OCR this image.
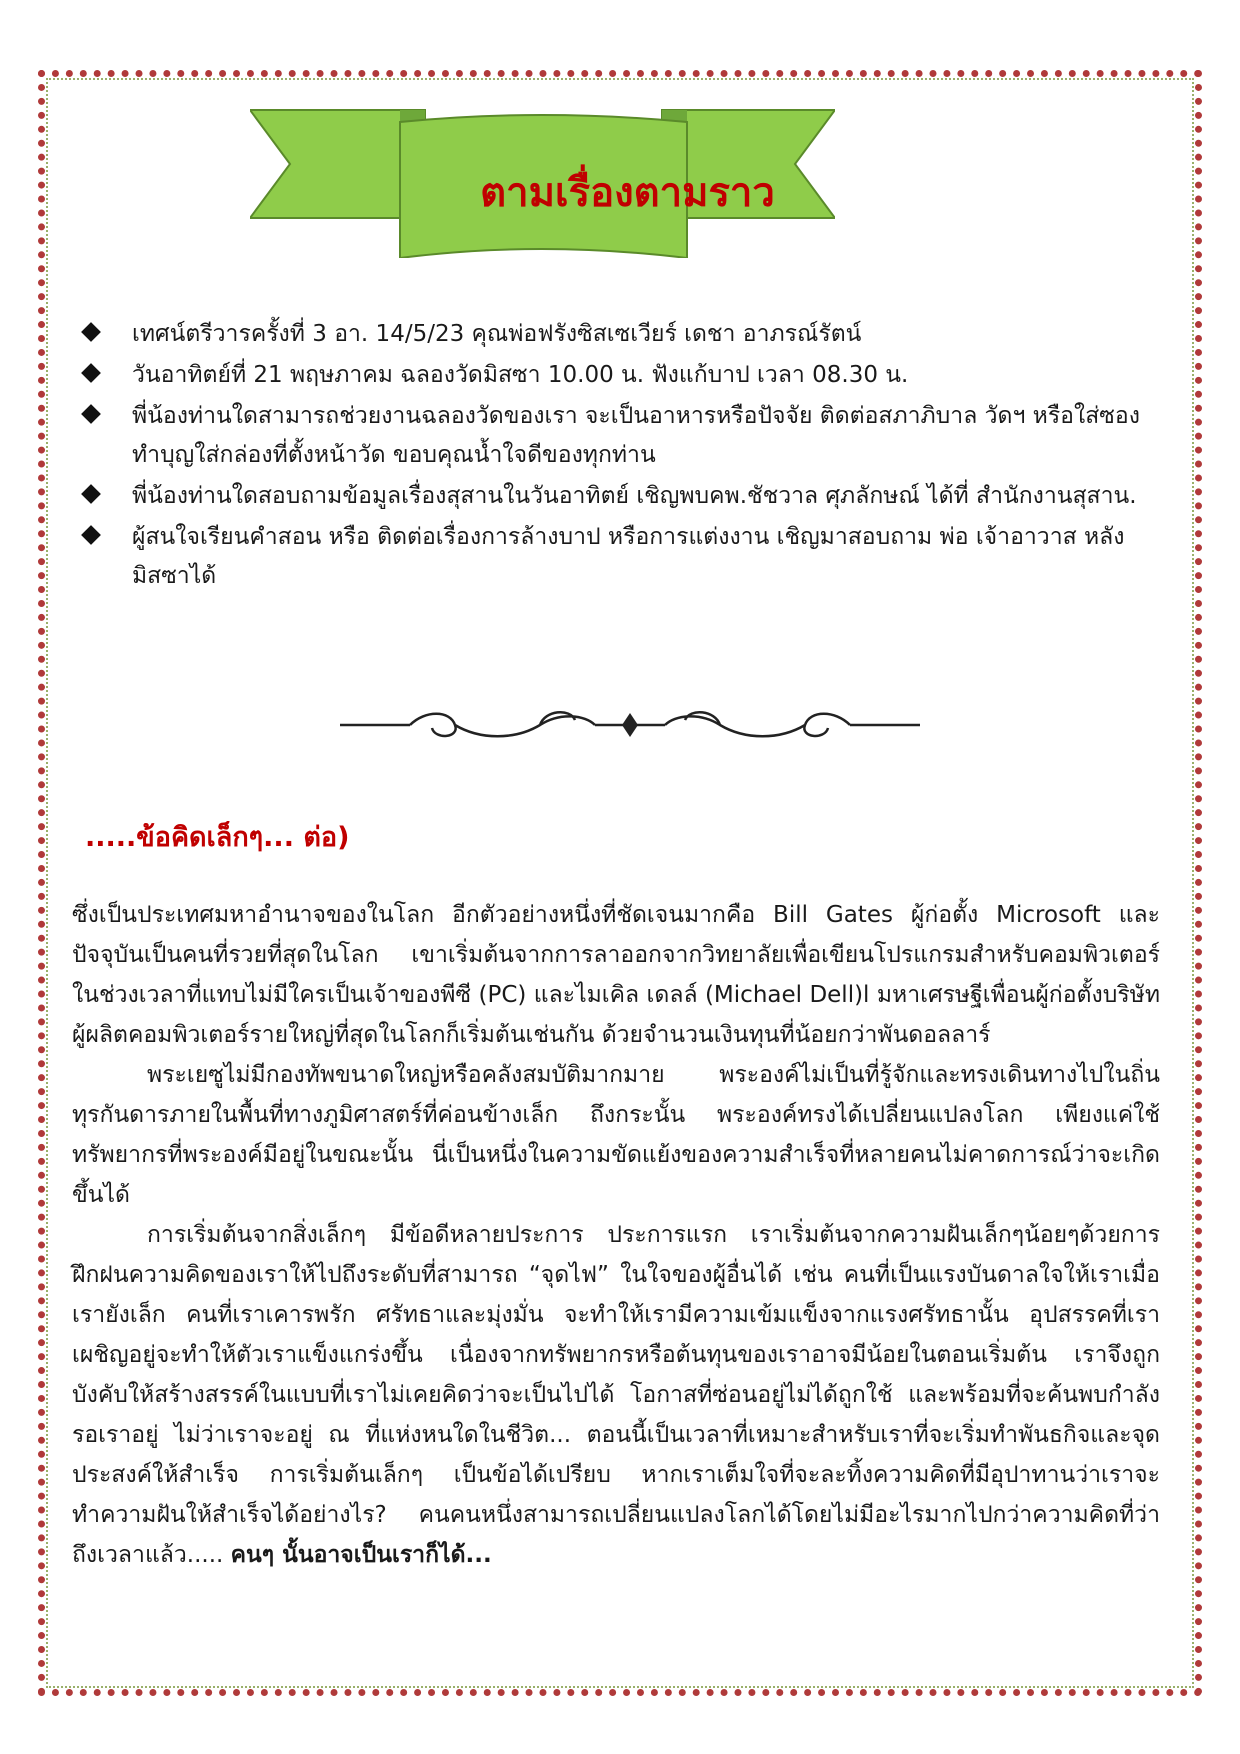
ตามเรื่องตามราว
เทศน์ตรีวารครั้งที่ 3 อา. 14/5/23 คุณพ่อฟรังซิสเซเวียร์ เดชา อาภรณ์รัตน์
วันอาทิตย์ที่ 21 พฤษภาคม ฉลองวัดมิสซา 10.00 น. ฟังแก้บาป เวลา 08.30 น.
พี่น้องท่านใดสามารถช่วยงานฉลองวัดของเรา จะเป็นอาหารหรือปัจจัย ติดต่อสภาภิบาล วัดฯ หรือใส่ซองทำบุญใส่กล่องที่ตั้งหน้าวัด ขอบคุณน้ำใจดีของทุกท่าน
พี่น้องท่านใดสอบถามข้อมูลเรื่องสุสานในวันอาทิตย์ เชิญพบคพ.ชัชวาล ศุภลักษณ์ ได้ที่ สำนักงานสุสาน.
ผู้สนใจเรียนคำสอน หรือ ติดต่อเรื่องการล้างบาป หรือการแต่งงาน เชิญมาสอบถาม พ่อ เจ้าอาวาส หลังมิสซาได้
.....ข้อคิดเล็กๆ... ต่อ)

ซึ่งเป็นประเทศมหาอำนาจของในโลก อีกตัวอย่างหนึ่งที่ชัดเจนมากคือ Bill Gates ผู้ก่อตั้ง Microsoft และปัจจุบันเป็นคนที่รวยที่สุดในโลก เขาเริ่มต้นจากการลาออกจากวิทยาลัยเพื่อเขียนโปรแกรมสำหรับคอมพิวเตอร์ในช่วงเวลาที่แทบไม่มีใครเป็นเจ้าของพีซี (PC) และไมเคิล เดลล์ (Michael Dell)l มหาเศรษฐีเพื่อนผู้ก่อตั้งบริษัทผู้ผลิตคอมพิวเตอร์รายใหญ่ที่สุดในโลกก็เริ่มต้นเช่นกัน ด้วยจำนวนเงินทุนที่น้อยกว่าพันดอลลาร์

พระเยซูไม่มีกองทัพขนาดใหญ่หรือคลังสมบัติมากมาย พระองค์ไม่เป็นที่รู้จักและทรงเดินทางไปในถิ่นทุรกันดารภายในพื้นที่ทางภูมิศาสตร์ที่ค่อนข้างเล็ก ถึงกระนั้น พระองค์ทรงได้เปลี่ยนแปลงโลก เพียงแค่ใช้ทรัพยากรที่พระองค์มีอยู่ในขณะนั้น นี่เป็นหนึ่งในความขัดแย้งของความสำเร็จที่หลายคนไม่คาดการณ์ว่าจะเกิดขึ้นได้

การเริ่มต้นจากสิ่งเล็กๆ มีข้อดีหลายประการ ประการแรก เราเริ่มต้นจากความฝันเล็กๆน้อยๆด้วยการฝึกฝนความคิดของเราให้ไปถึงระดับที่สามารถ “จุดไฟ” ในใจของผู้อื่นได้ เช่น คนที่เป็นแรงบันดาลใจให้เราเมื่อเรายังเล็ก คนที่เราเคารพรัก ศรัทธาและมุ่งมั่น จะทำให้เรามีความเข้มแข็งจากแรงศรัทธานั้น อุปสรรคที่เราเผชิญอยู่จะทำให้ตัวเราแข็งแกร่งขึ้น เนื่องจากทรัพยากรหรือต้นทุนของเราอาจมีน้อยในตอนเริ่มต้น เราจึงถูกบังคับให้สร้างสรรค์ในแบบที่เราไม่เคยคิดว่าจะเป็นไปได้ โอกาสที่ซ่อนอยู่ไม่ได้ถูกใช้ และพร้อมที่จะค้นพบกำลังรอเราอยู่ ไม่ว่าเราจะอยู่ ณ ที่แห่งหนใดในชีวิต... ตอนนี้เป็นเวลาที่เหมาะสำหรับเราที่จะเริ่มทำพันธกิจและจุดประสงค์ให้สำเร็จ การเริ่มต้นเล็กๆ เป็นข้อได้เปรียบ หากเราเต็มใจที่จะละทิ้งความคิดที่มีอุปาทานว่าเราจะทำความฝันให้สำเร็จได้อย่างไร? คนคนหนึ่งสามารถเปลี่ยนแปลงโลกได้โดยไม่มีอะไรมากไปกว่าความคิดที่ว่าถึงเวลาแล้ว..... คนๆ นั้นอาจเป็นเราก็ได้...
